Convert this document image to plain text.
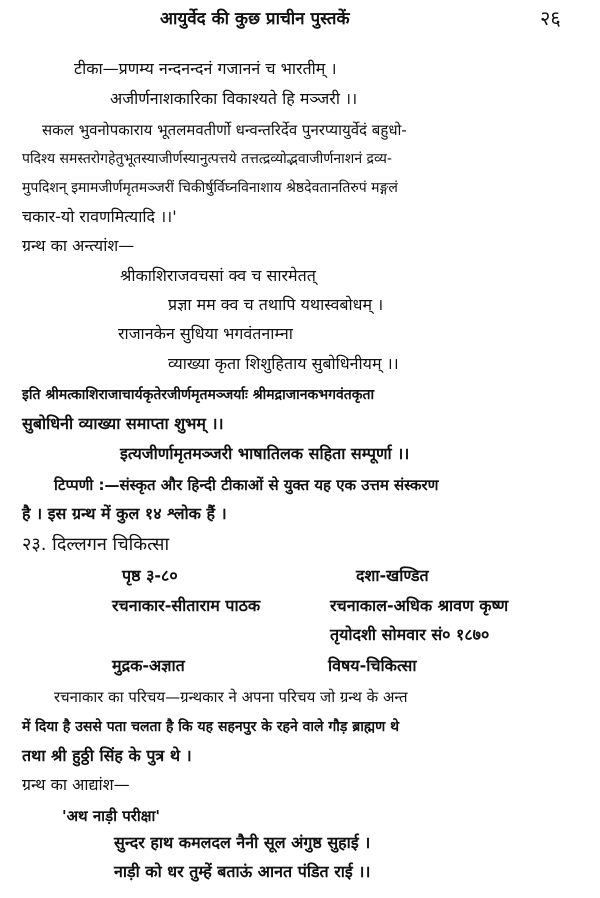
आयुर्वेद की कुछ प्राचीन पुस्तकें	२६
टीका—प्रणम्य नन्दनन्दनं गजाननं च भारतीम् ।
अजीर्णनाशकारिका विकाश्यते हि मञ्जरी ।।
सकल भुवनोपकाराय भूतलमवतीर्णो धन्वन्तरिर्देव पुनरप्यायुर्वेदं बहुधो-
पदिश्य समस्तरोगहेतुभूतस्याजीर्णस्यानुत्पत्तये तत्तत्द्रव्योद्भवाजीर्णनाशनं द्रव्य-
मुपदिशन् इमामजीर्णमृतमञ्जरीं चिकीर्षुर्विघ्नविनाशाय श्रेष्ठदेवतानतिरुपं मङ्गलं
चकार-यो रावणमित्यादि ।।'
ग्रन्थ का अन्त्यांश—
श्रीकाशिराजवचसां क्व च सारमेतत्
प्रज्ञा मम क्व च तथापि यथास्वबोधम् ।
राजानकेन सुधिया भगवंतनाम्ना
व्याख्या कृता शिशुहिताय सुबोधिनीयम् ।।
इति श्रीमत्काशिराजाचार्यकृतेरजीर्णमृतमञ्जर्याः श्रीमद्राजानकभगवंतकृता
सुबोधिनी व्याख्या समाप्ता शुभम् ।।
इत्यजीर्णामृतमञ्जरी भाषातिलक सहिता सम्पूर्णा ।।
टिप्पणी :—संस्कृत और हिन्दी टीकाओं से युक्त यह एक उत्तम संस्करण
है । इस ग्रन्थ में कुल १४ श्लोक हैं ।
२३. दिल्लगन चिकित्सा
पृष्ठ ३-८०	दशा-खण्डित
रचनाकार-सीताराम पाठक	रचनाकाल-अधिक श्रावण कृष्ण
तृयोदशी सोमवार सं० १८७०
मुद्रक-अज्ञात	विषय-चिकित्सा
रचनाकार का परिचय—ग्रन्थकार ने अपना परिचय जो ग्रन्थ के अन्त
में दिया है उससे पता चलता है कि यह सहनपुर के रहने वाले गौड़ ब्राह्मण थे
तथा श्री हुठ्ठी सिंह के पुत्र थे ।
ग्रन्थ का आद्यांश—
'अथ नाड़ी परीक्षा'
सुन्दर हाथ कमलदल नैनी सूल अंगुष्ठ सुहाई ।
नाड़ी को धर तुम्हें बताऊं आनत पंडित राई ।।
